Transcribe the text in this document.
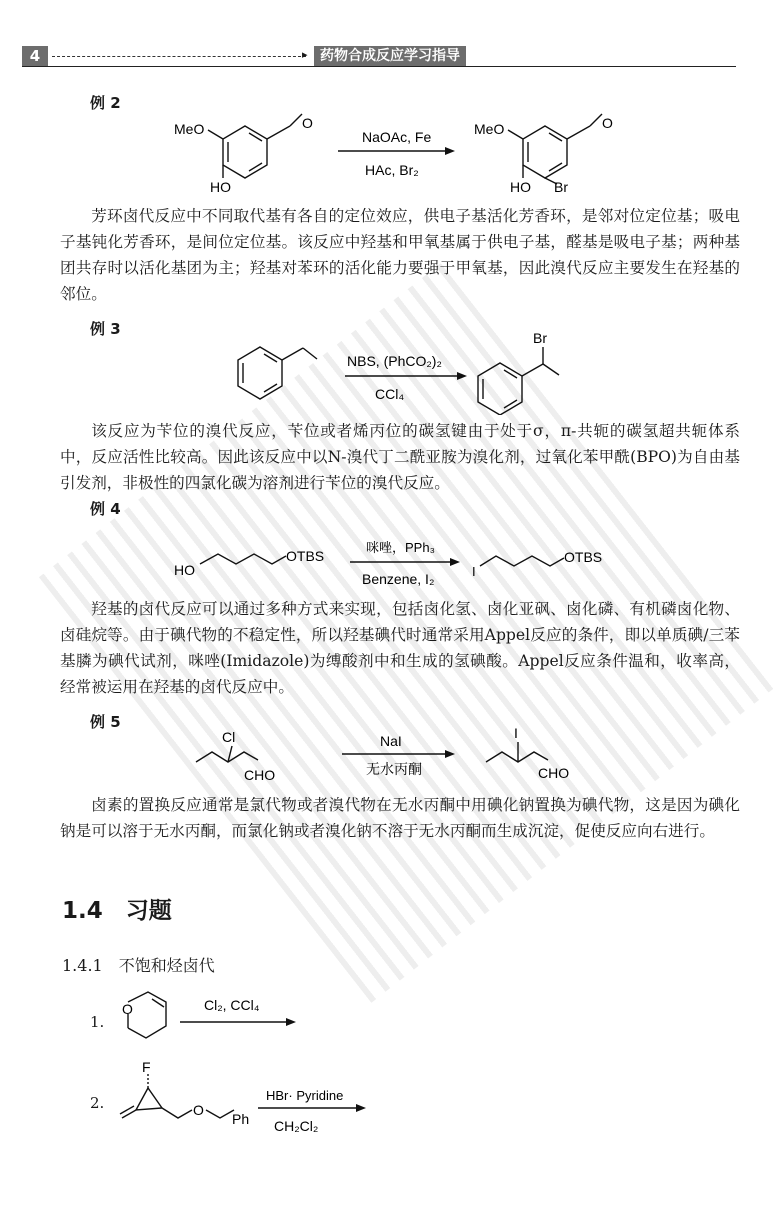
4	▸ 药物合成反应学习指导
例 2
O	O
MeO
HO
MeO
HO Br
NaOAc, Fe
HAc, Br₂
芳环卤代反应中不同取代基有各自的定位效应，供电子基活化芳香环，是邻对位定位基；吸电子基钝化芳香环，是间位定位基。该反应中羟基和甲氧基属于供电子基，醛基是吸电子基；两种基团共存时以活化基团为主；羟基对苯环的活化能力要强于甲氧基，因此溴代反应主要发生在羟基的邻位。
例 3	Br
NBS, (PhCO₂)₂
CCl₄
该反应为苄位的溴代反应，苄位或者烯丙位的碳氢键由于处于σ，π-共轭的碳氢超共轭体系中，反应活性比较高。因此该反应中以N-溴代丁二酰亚胺为溴化剂，过氧化苯甲酰(BPO)为自由基引发剂，非极性的四氯化碳为溶剂进行苄位的溴代反应。
例 4
HO
OTBS
I
OTBS
咪唑，PPh₃
Benzene, I₂
羟基的卤代反应可以通过多种方式来实现，包括卤化氢、卤化亚砜、卤化磷、有机磷卤化物、卤硅烷等。由于碘代物的不稳定性，所以羟基碘代时通常采用Appel反应的条件，即以单质碘/三苯基膦为碘代试剂，咪唑(Imidazole)为缚酸剂中和生成的氢碘酸。Appel反应条件温和，收率高，经常被运用在羟基的卤代反应中。
例 5
Cl
CHO
I
CHO
NaI
无水丙酮
卤素的置换反应通常是氯代物或者溴代物在无水丙酮中用碘化钠置换为碘代物，这是因为碘化钠是可以溶于无水丙酮，而氯化钠或者溴化钠不溶于无水丙酮而生成沉淀，促使反应向右进行。
1.4　习题
1.4.1　不饱和烃卤代
1.
O	Cl₂, CCl₄
2.
F
O
Ph
HBr· Pyridine
CH₂Cl₂
